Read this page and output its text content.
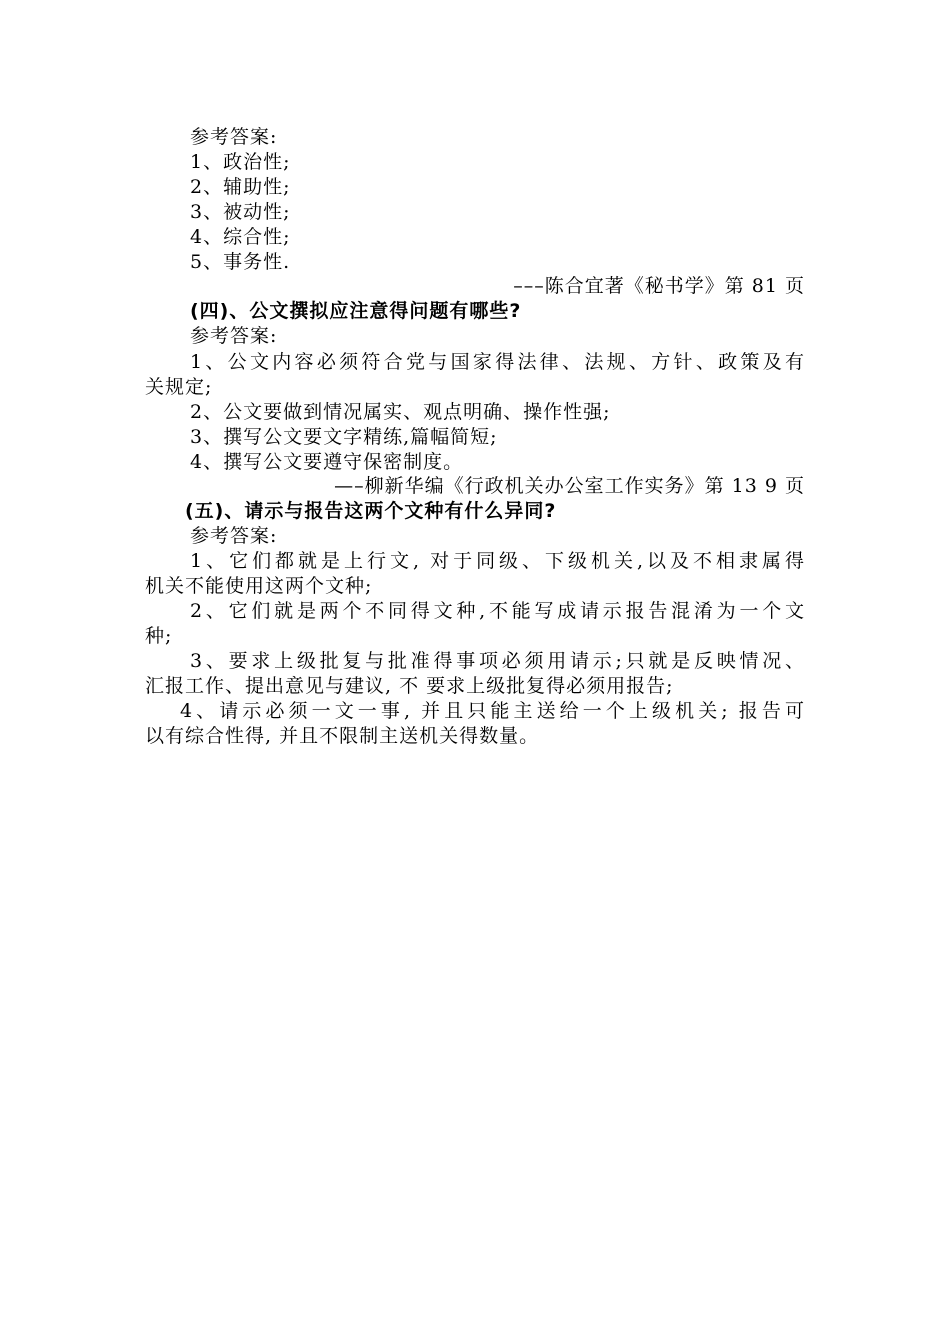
参考答案:
1、政治性;
2、辅助性;
3、被动性;
4、综合性;
5、事务性.
–––陈合宜著《秘书学》第 81 页
(四)、公文撰拟应注意得问题有哪些?
参考答案:
1、公文内容必须符合党与国家得法律、法规、方针、政策及有
关规定;
2、公文要做到情况属实、观点明确、操作性强;
3、撰写公文要文字精练,篇幅简短;
4、撰写公文要遵守保密制度。
—–柳新华编《行政机关办公室工作实务》第 13 9 页
(五)、请示与报告这两个文种有什么异同?
参考答案:
1、它们都就是上行文, 对于同级、下级机关,以及不相隶属得
机关不能使用这两个文种;
2、它们就是两个不同得文种,不能写成请示报告混淆为一个文
种;
3、要求上级批复与批准得事项必须用请示;只就是反映情况、
汇报工作、提出意见与建议, 不 要求上级批复得必须用报告;
4、请示必须一文一事, 并且只能主送给一个上级机关; 报告可
以有综合性得, 并且不限制主送机关得数量。
